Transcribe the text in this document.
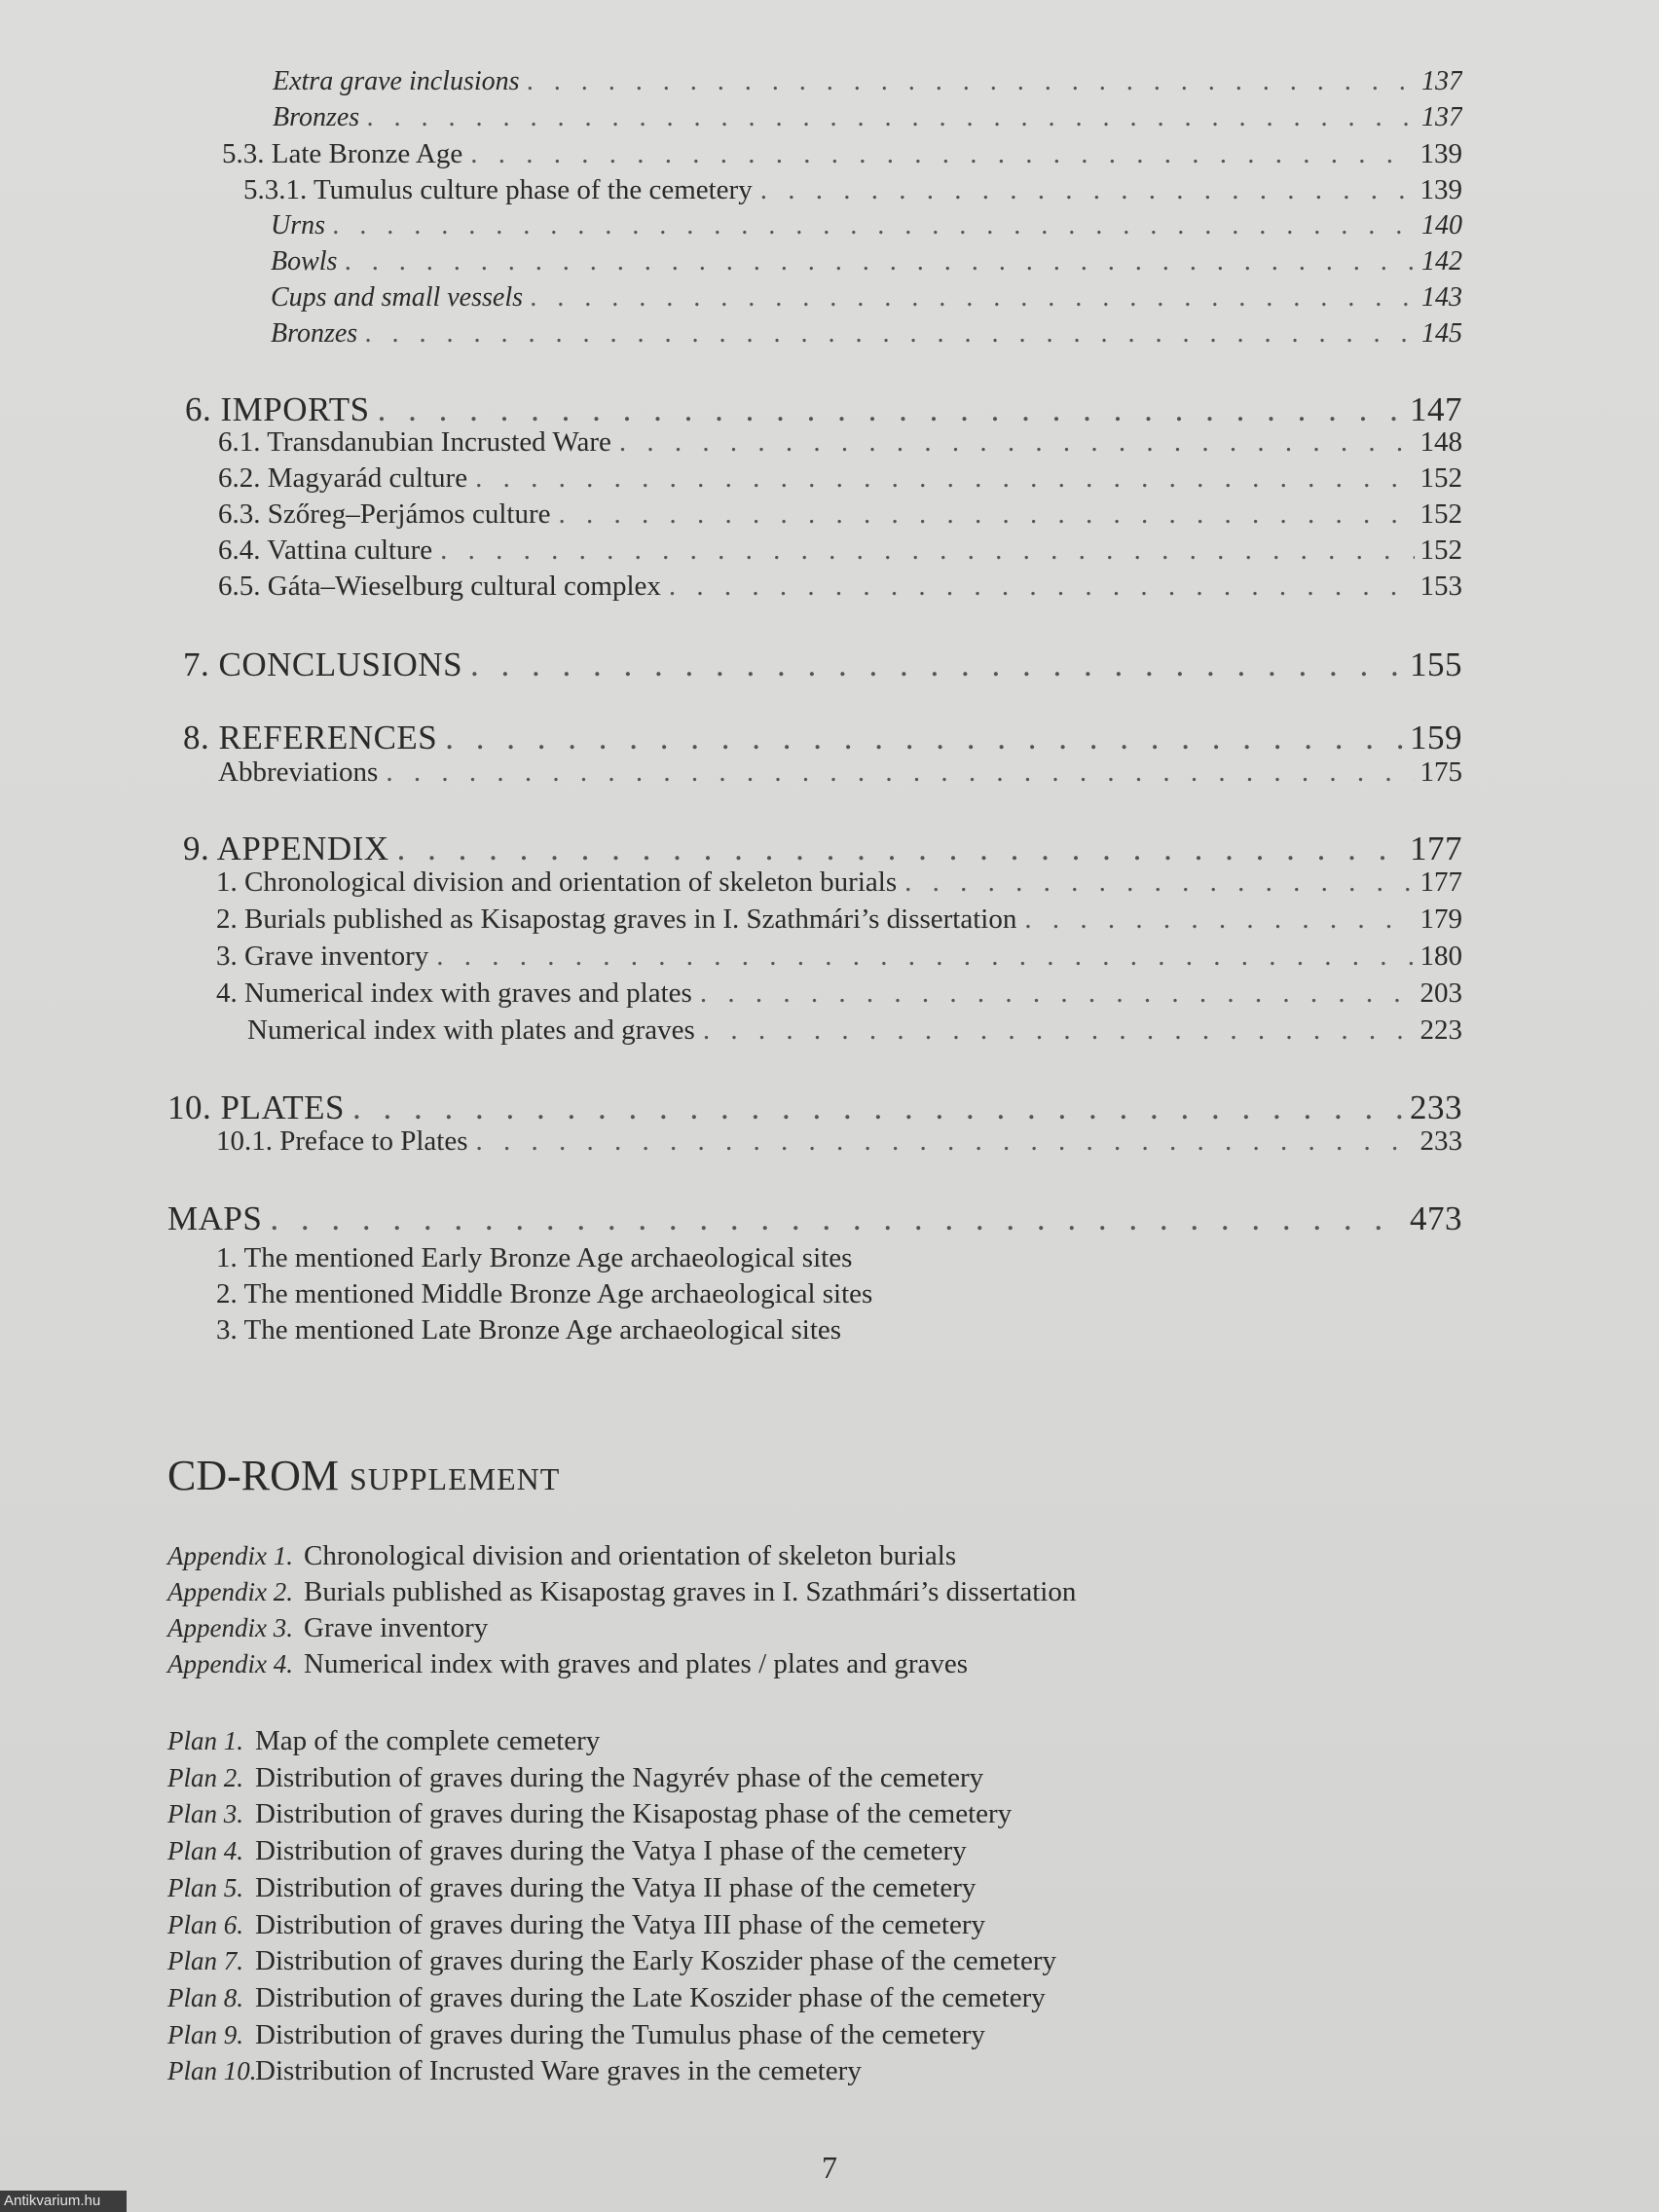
Extra grave inclusions . . .	137
Bronzes . . .	137
5.3. Late Bronze Age . . .	139
5.3.1. Tumulus culture phase of the cemetery . . .	139
Urns . . .	140
Bowls . . .	142
Cups and small vessels . . .	143
Bronzes . . .	145
6. IMPORTS . . .	147
6.1. Transdanubian Incrusted Ware . . .	148
6.2. Magyarád culture . . .	152
6.3. Szőreg–Perjámos culture . . .	152
6.4. Vattina culture . . .	152
6.5. Gáta–Wieselburg cultural complex . . .	153
7. CONCLUSIONS . . .	155
8. REFERENCES . . .	159
Abbreviations . . .	175
9. APPENDIX . . .	177
1. Chronological division and orientation of skeleton burials . . .	177
2. Burials published as Kisapostag graves in I. Szathmári’s dissertation . . .	179
3. Grave inventory . . .	180
4. Numerical index with graves and plates . . .	203
Numerical index with plates and graves . . .	223
10. PLATES . . .	233
10.1. Preface to Plates . . .	233
MAPS . . .	473
1. The mentioned Early Bronze Age archaeological sites
2. The mentioned Middle Bronze Age archaeological sites
3. The mentioned Late Bronze Age archaeological sites
CD-ROM SUPPLEMENT
Appendix 1. Chronological division and orientation of skeleton burials
Appendix 2. Burials published as Kisapostag graves in I. Szathmári’s dissertation
Appendix 3. Grave inventory
Appendix 4. Numerical index with graves and plates / plates and graves
Plan 1. Map of the complete cemetery
Plan 2. Distribution of graves during the Nagyrév phase of the cemetery
Plan 3. Distribution of graves during the Kisapostag phase of the cemetery
Plan 4. Distribution of graves during the Vatya I phase of the cemetery
Plan 5. Distribution of graves during the Vatya II phase of the cemetery
Plan 6. Distribution of graves during the Vatya III phase of the cemetery
Plan 7. Distribution of graves during the Early Koszider phase of the cemetery
Plan 8. Distribution of graves during the Late Koszider phase of the cemetery
Plan 9. Distribution of graves during the Tumulus phase of the cemetery
Plan 10.Distribution of Incrusted Ware graves in the cemetery
7
Antikvarium.hu
